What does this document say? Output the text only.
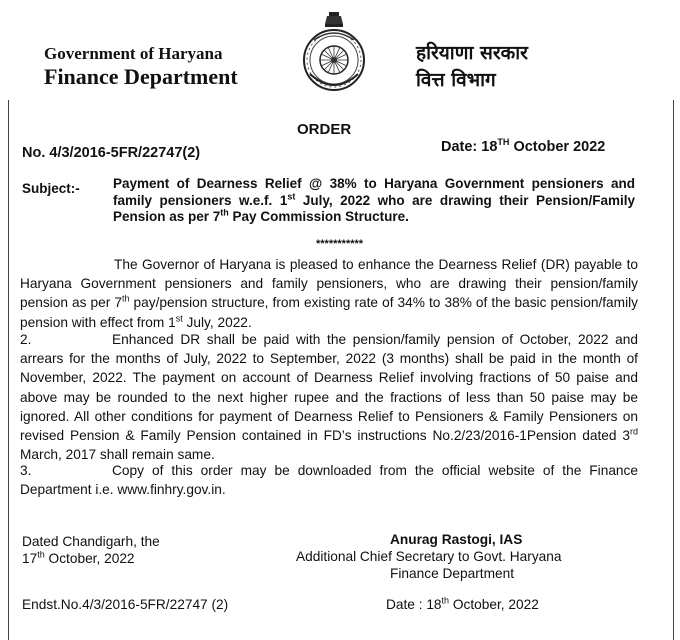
Government of Haryana
Finance Department
हरियाणा सरकार
वित्त विभाग
ORDER
No. 4/3/2016-5FR/22747(2)	Date: 18TH October 2022
Subject:- Payment of Dearness Relief @ 38% to Haryana Government pensioners and family pensioners w.e.f. 1st July, 2022 who are drawing their Pension/Family Pension as per 7th Pay Commission Structure.
***********
The Governor of Haryana is pleased to enhance the Dearness Relief (DR) payable to Haryana Government pensioners and family pensioners, who are drawing their pension/family pension as per 7th pay/pension structure, from existing rate of 34% to 38% of the basic pension/family pension with effect from 1st July, 2022.
2.	Enhanced DR shall be paid with the pension/family pension of October, 2022 and arrears for the months of July, 2022 to September, 2022 (3 months) shall be paid in the month of November, 2022. The payment on account of Dearness Relief involving fractions of 50 paise and above may be rounded to the next higher rupee and the fractions of less than 50 paise may be ignored. All other conditions for payment of Dearness Relief to Pensioners & Family Pensioners on revised Pension & Family Pension contained in FD’s instructions No.2/23/2016-1Pension dated 3rd March, 2017 shall remain same.
3.	Copy of this order may be downloaded from the official website of the Finance Department i.e. www.finhry.gov.in.
Dated Chandigarh, the
17th October, 2022
Anurag Rastogi, IAS
Additional Chief Secretary to Govt. Haryana
Finance Department
Endst.No.4/3/2016-5FR/22747 (2)	Date : 18th October, 2022
